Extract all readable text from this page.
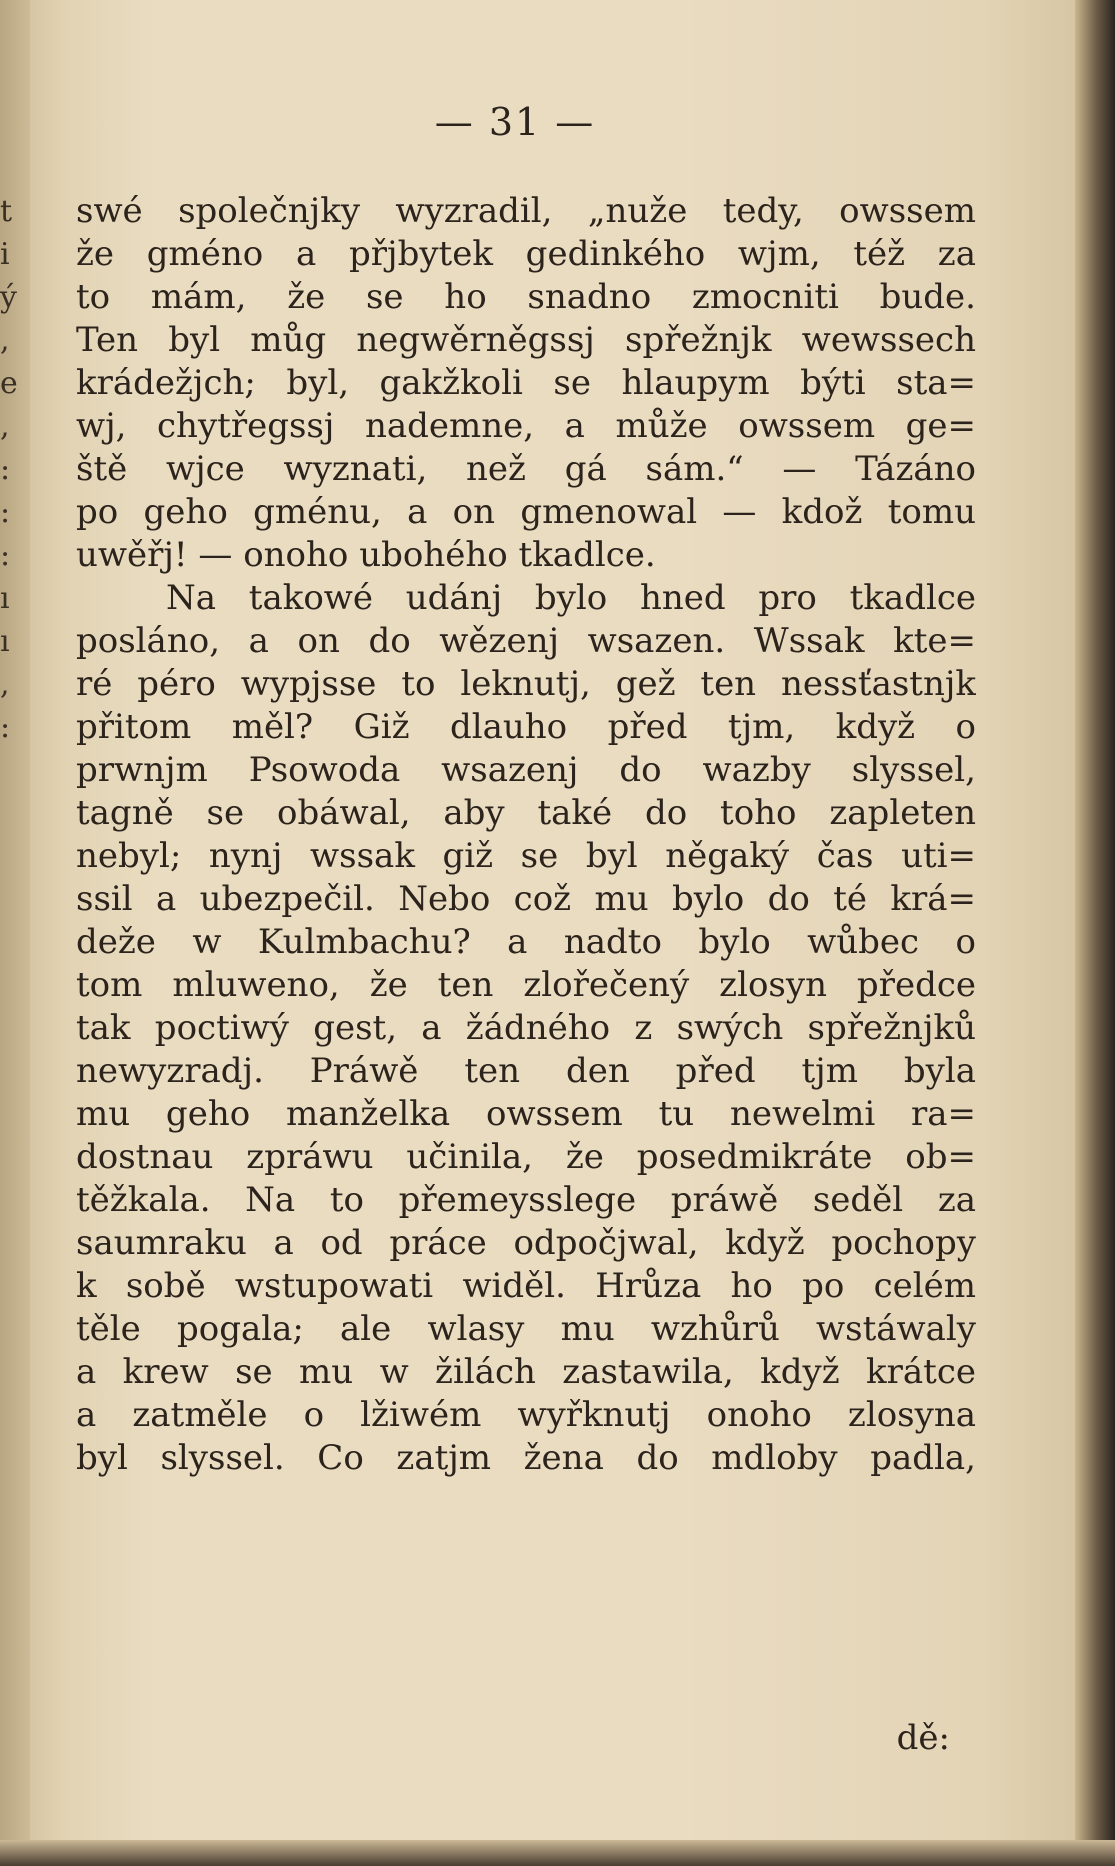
t
i
ý
,
e
,
:
:
:
ı
ı
,
:
— 31 —
swé společnjky wyzradil, „nuže tedy, owssem
že gméno a přjbytek gedinkého wjm, též za
to mám, že se ho snadno zmocniti bude.
Ten byl můg negwěrněgssj spřežnjk wewssech
krádežjch; byl, gakžkoli se hlaupym býti sta=
wj, chytřegssj nademne, a může owssem ge=
ště wjce wyznati, než gá sám.“ — Tázáno
po geho gménu, a on gmenowal — kdož tomu
uwěřj! — onoho ubohého tkadlce.
Na takowé udánj bylo hned pro tkadlce
posláno, a on do wězenj wsazen. Wssak kte=
ré péro wypjsse to leknutj, gež ten nessťastnjk
přitom měl? Giž dlauho před tjm, když o
prwnjm Psowoda wsazenj do wazby slyssel,
tagně se obáwal, aby také do toho zapleten
nebyl; nynj wssak giž se byl něgaký čas uti=
ssil a ubezpečil. Nebo což mu bylo do té krá=
deže w Kulmbachu? a nadto bylo wůbec o
tom mluweno, že ten zlořečený zlosyn předce
tak poctiwý gest, a žádného z swých spřežnjků
newyzradj. Práwě ten den před tjm byla
mu geho manželka owssem tu newelmi ra=
dostnau zpráwu učinila, že posedmikráte ob=
těžkala. Na to přemeysslege práwě seděl za
saumraku a od práce odpočjwal, když pochopy
k sobě wstupowati widěl. Hrůza ho po celém
těle pogala; ale wlasy mu wzhůrů wstáwaly
a krew se mu w žilách zastawila, když krátce
a zatměle o lžiwém wyřknutj onoho zlosyna
byl slyssel. Co zatjm žena do mdloby padla,
dě:
